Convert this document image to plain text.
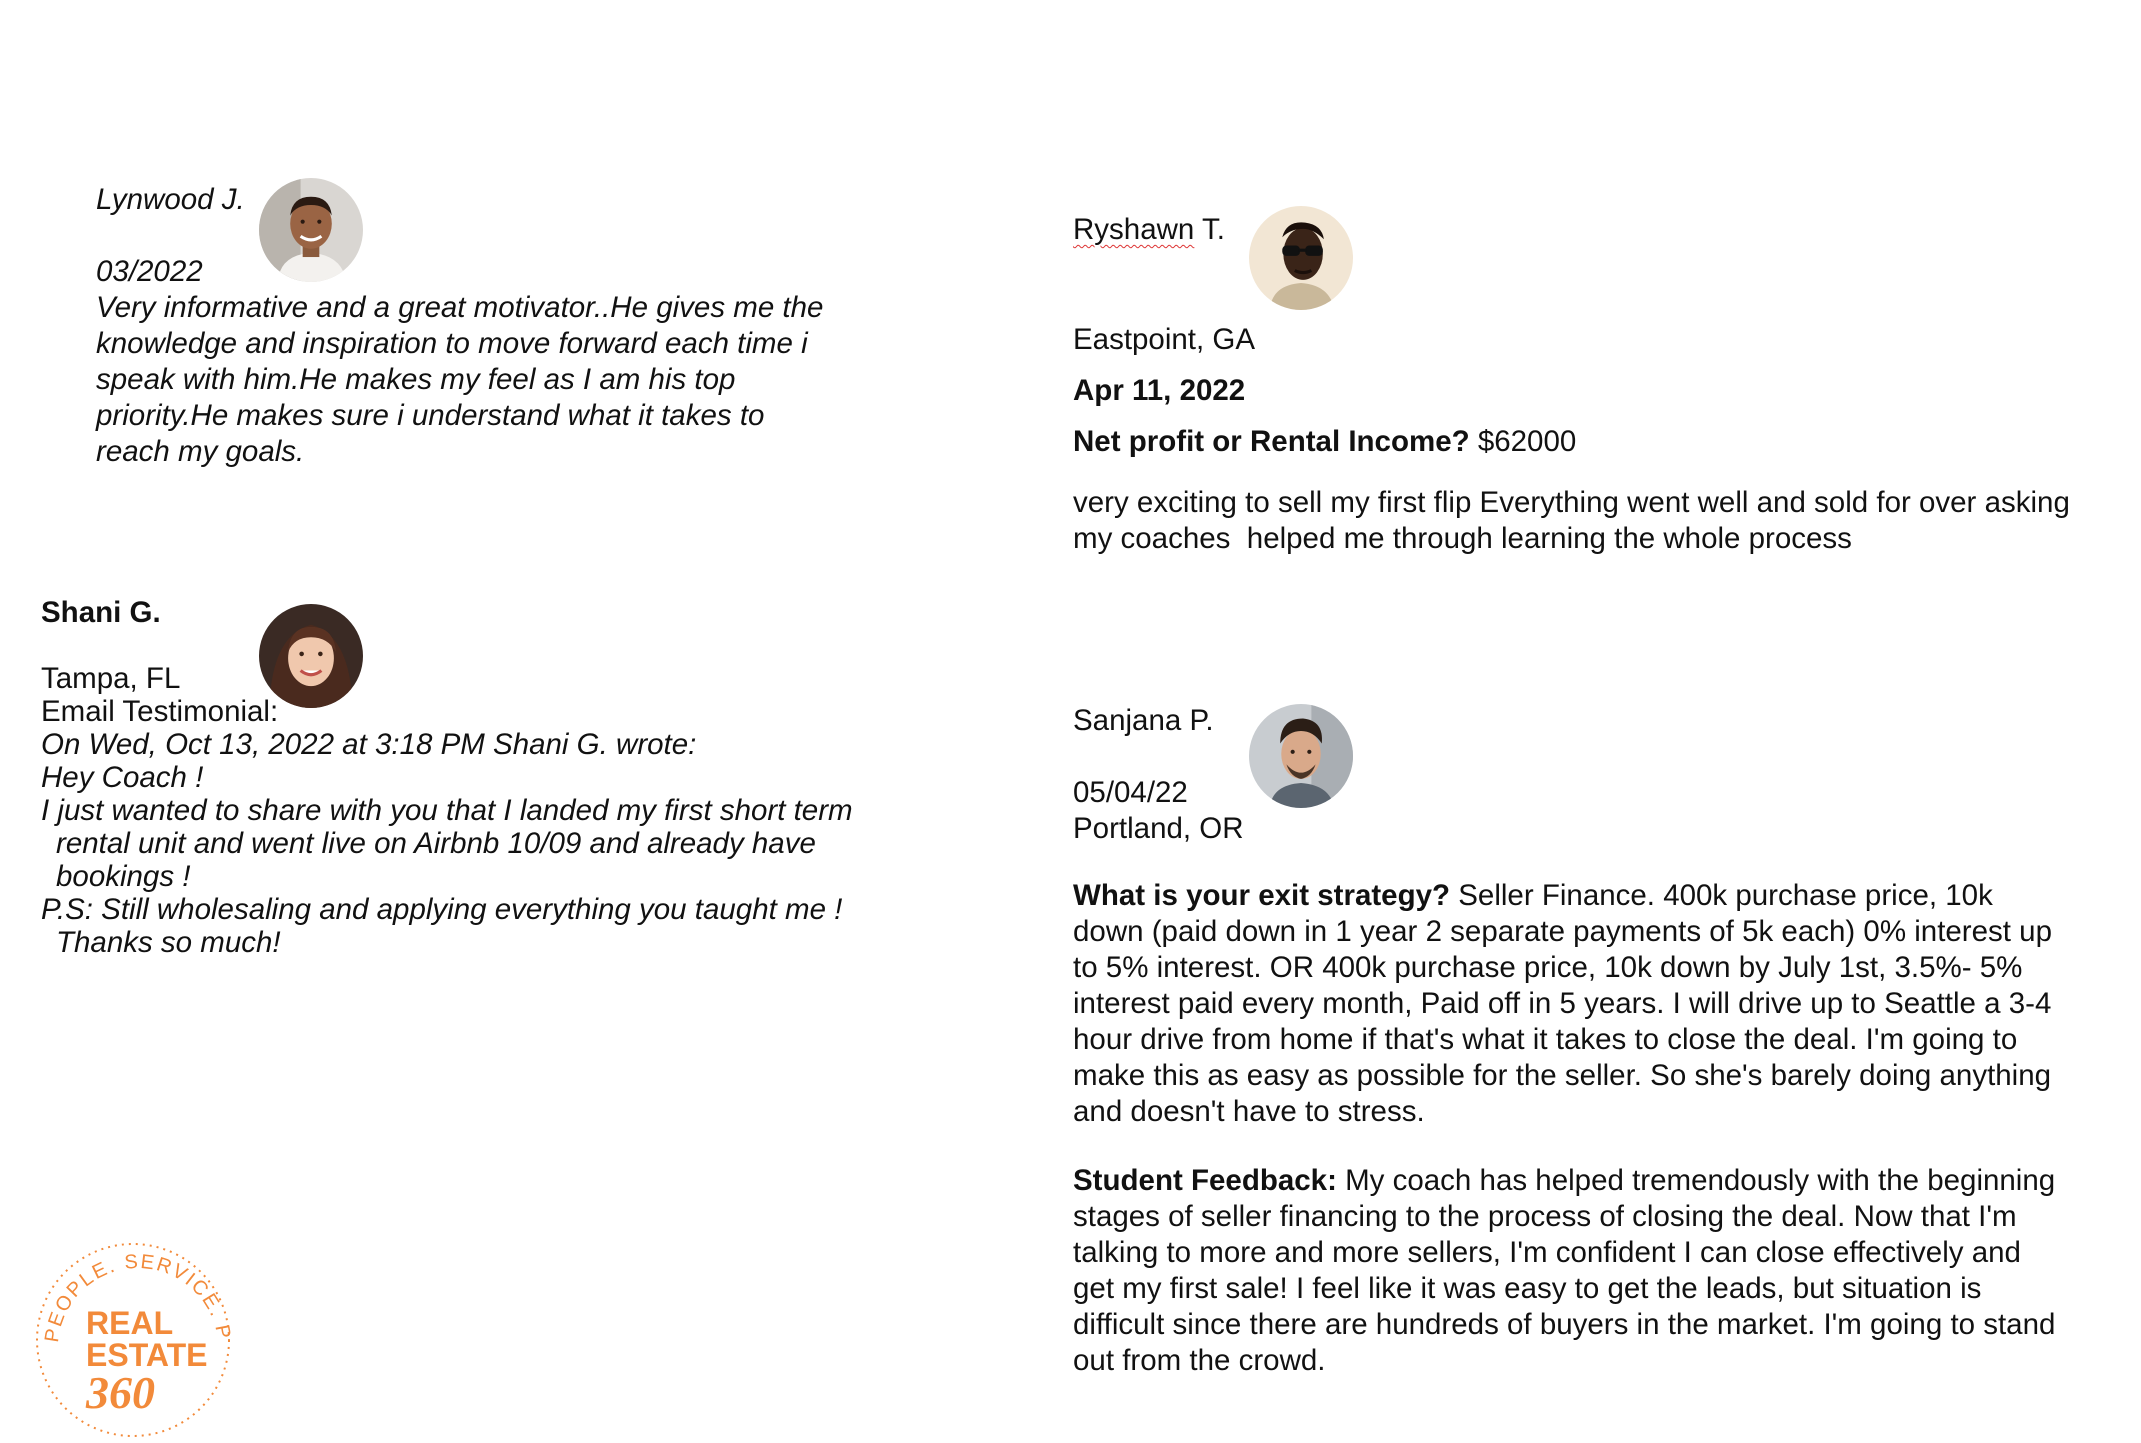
Lynwood J.

03/2022
Very informative and a great motivator..He gives me the
knowledge and inspiration to move forward each time i
speak with him.He makes my feel as I am his top
priority.He makes sure i understand what it takes to
reach my goals.
Shani G.

Tampa, FL
Email Testimonial:
On Wed, Oct 13, 2022 at 3:18 PM Shani G. wrote:
Hey Coach !
I just wanted to share with you that I landed my first short term
rental unit and went live on Airbnb 10/09 and already have
bookings !
P.S: Still wholesaling and applying everything you taught me !
Thanks so much!
Ryshawn T.
Eastpoint, GA
Apr 11, 2022
Net profit or Rental Income? $62000
very exciting to sell my first flip Everything went well and sold for over asking
my coaches  helped me through learning the whole process
Sanjana P.

05/04/22
Portland, OR
What is your exit strategy? Seller Finance. 400k purchase price, 10k
down (paid down in 1 year 2 separate payments of 5k each) 0% interest up
to 5% interest. OR 400k purchase price, 10k down by July 1st, 3.5%- 5%
interest paid every month, Paid off in 5 years. I will drive up to Seattle a 3-4
hour drive from home if that's what it takes to close the deal. I'm going to
make this as easy as possible for the seller. So she's barely doing anything
and doesn't have to stress.
Student Feedback: My coach has helped tremendously with the beginning
stages of seller financing to the process of closing the deal. Now that I'm
talking to more and more sellers, I'm confident I can close effectively and
get my first sale! I feel like it was easy to get the leads, but situation is
difficult since there are hundreds of buyers in the market. I'm going to stand
out from the crowd.
PEOPLE. SERVICE. P
REAL
ESTATE
360
